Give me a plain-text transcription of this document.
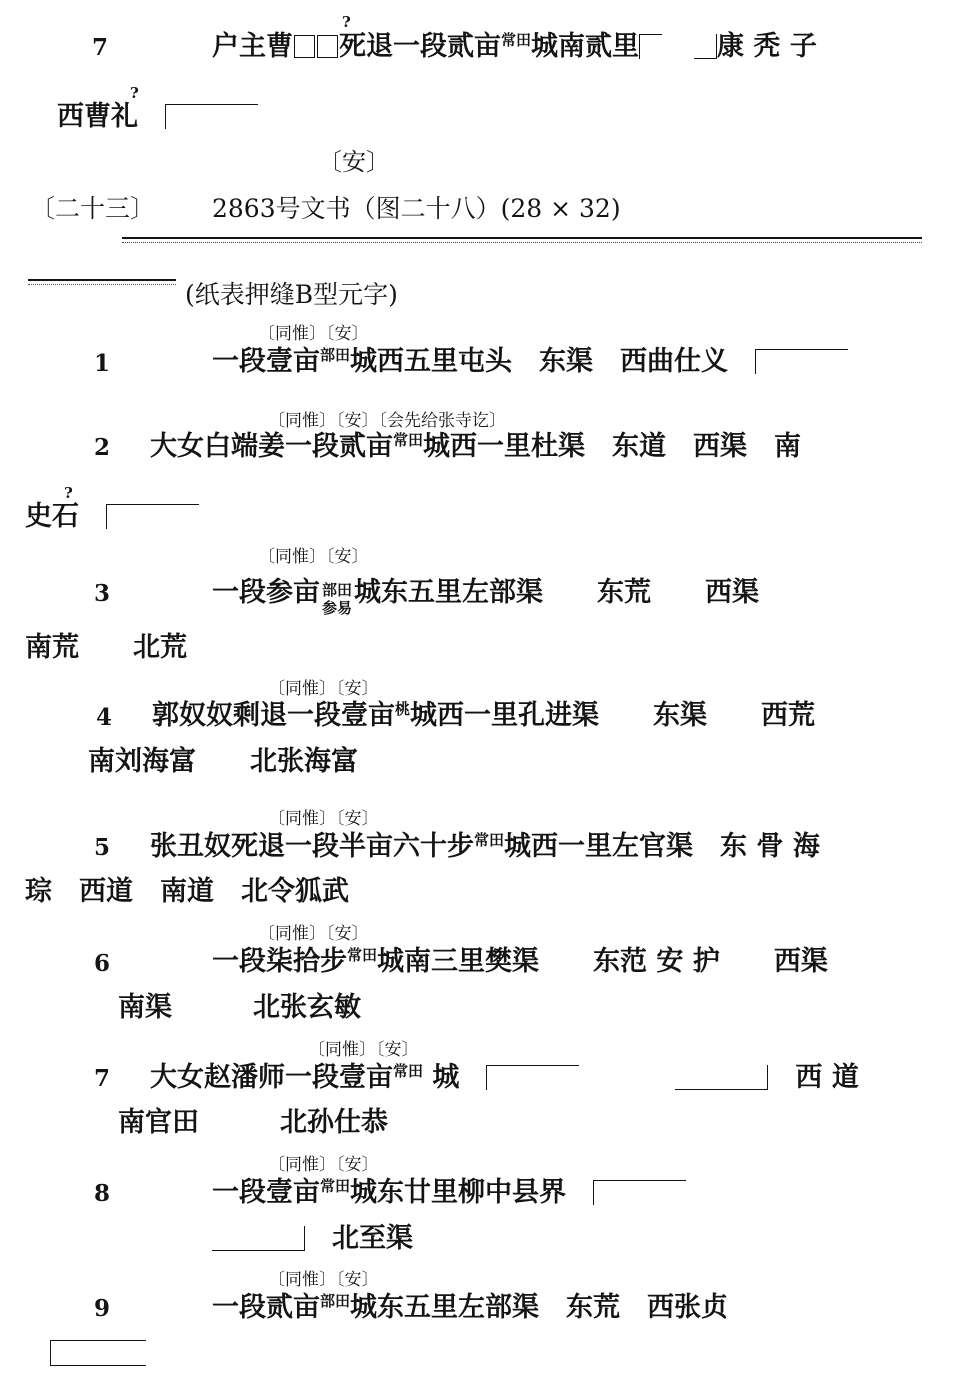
7
?
户主曹 死退一段贰亩$^{常田}$城南贰里	康 秃 子
?
西曹礼　
〔安〕
〔二十三〕 2863号文书（图二十八）(28 × 32)
(纸表押缝B型元字)
〔同惟〕〔安〕
1	一段壹亩$^{部田}$城西五里屯头　东渠　西曲仕义　
〔同惟〕〔安〕〔会先给张寺讫〕
2 大女白端姜一段贰亩$^{常田}$城西一里杜渠　东道　西渠　南
?
史石　
〔同惟〕〔安〕
3	一段参亩 部田
参易城东五里左部渠　　东荒　　西渠
南荒　　北荒
〔同惟〕〔安〕
4 郭奴奴剩退一段壹亩$^桃$城西一里孔进渠　　东渠　　西荒
南刘海富　　北张海富
〔同惟〕〔安〕
5 张丑奴死退一段半亩六十步$^{常田}$城西一里左官渠　东 骨 海
琮　西道　南道　北令狐武
〔同惟〕〔安〕
6	一段柒拾步$^{常田}$城南三里樊渠　　东范 安 护　　西渠
南渠　　　北张玄敏
〔同惟〕〔安〕
7 大女赵潘师一段壹亩$^{常田}$ 城　　	西 道
南官田　　　北孙仕恭
〔同惟〕〔安〕
8	一段壹亩$^{常田}$城东廿里柳中县界　
　北至渠
〔同惟〕〔安〕
9	一段贰亩$^{部田}$城东五里左部渠　东荒　西张贞
